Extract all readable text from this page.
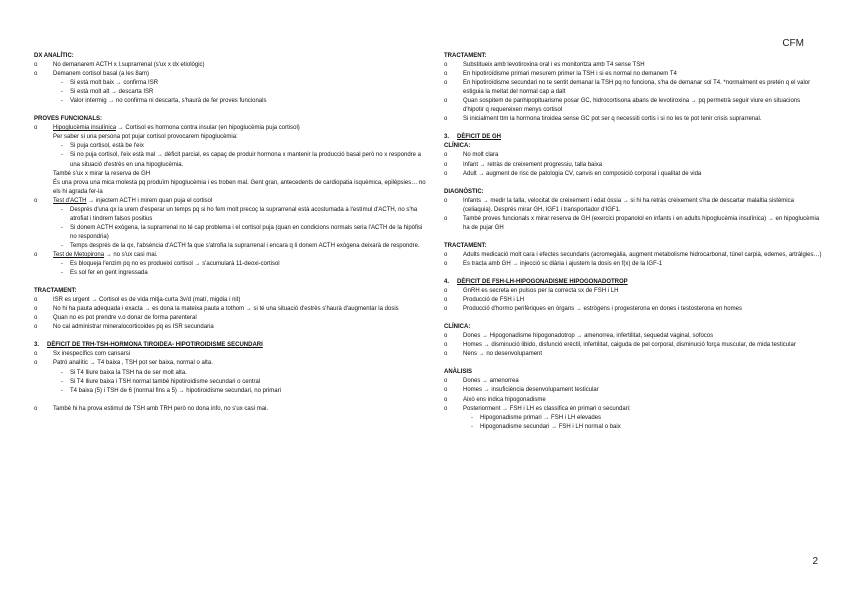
CFM
DX ANALÍTIC:
o No demanarem ACTH x I.suprarrenal (s'ux x dx etiològic)
o Demanem cortisol basal (a les 8am)
- Si està molt baix → confirma ISR
- Si està molt alt → descarta ISR
- Valor intermig → no confirma ni descarta, s'haurà de fer proves funcionals
PROVES FUNCIONALS:
o Hipoglucèmia insulínica → Cortisol es hormona contra insular (en hipoglucèmia puja cortisol)
Per saber si una persona pot pujar cortisol provocarem hipoglucèmia:
- Si puja cortisol, està be l'eix
- Si no puja cortisol, l'eix està mal → dèficit parcial, es capaç de produir hormona x mantenir la producció basal però no x respondre a una situació d'estrès en una hipoglucèmia.
També s'ux x mirar la reserva de GH
És una prova una mica molesta pq produïm hipoglucèmia i es troben mal. Gent gran, antecedents de cardiopatia isquèmica, epilèpsies… no els hi agrada fer-la
o Test d'ACTH → injectem ACTH i mirem quan puja el cortisol
- Després d'una qx la urem d'esperar un temps pq si ho fem molt precoç la suprarrenal està acostumada a l'estímul d'ACTH, no s'ha atrofiat i tindrem falsos positius
- Si donem ACTH exògena, la suprarrenal no té cap problema i el cortisol puja (quan en condicions normals seria l'ACTH de la hipòfisi no respondria)
- Temps després de la qx, l'absència d'ACTH fa que s'atrofia la suprarrenal i encara q li donem ACTH exògena deixarà de respondre.
o Test de Metopirona → no s'ux casi mai.
- Es bloqueja l'enzim pq no es produeixi cortisol → s'acumularà 11-deoxi-cortisol
- Es sol fer en gent ingressada
TRACTAMENT:
o ISR es urgent → Cortisol es de vida mitja-curta 3v/d (matí, migdia i nit)
o No hi ha pauta adequada i exacta → es dona la mateixa pauta a tothom → si té una situació d'estrès s'haurà d'augmentar la dosis
o Quan no es pot prendre v.o donar de forma parenteral
o No cal administrar mineralocorticoides pq es ISR secundaria
3. DÈFICIT DE TRH-TSH-HORMONA TIROIDEA- HIPOTIROIDISME SECUNDARI
o Sx inespecífics com cansarsi
o Patró analític → T4 baixa , TSH pot ser baixa, normal o alta.
- Si T4 lliure baixa la TSH ha de ser molt alta.
- Si T4 lliure baixa i TSH normal també hipotiroidisme secundari o central
- T4 baixa (5) i TSH de 6 (normal fins a 5) → hipotiroidisme secundari, no primari
o També hi ha prova estimul de TSH amb TRH però no dona info, no s'ux casi mai.
TRACTAMENT:
o Substitueix amb levotiroxina oral i es monitoritza amb T4 sense TSH
o En hipotiroïdisme primari mesurem primer la TSH i si es normal no demanem T4
o En hipotiroïdisme secundari no te sentit demanar la TSH pq no funciona, s'ha de demanar sol T4. *normalment es pretén q el valor estiguia la meitat del normal cap a dalt
o Quan sospitem de panhipopituarisme posar GC, hidrocortisona abans de levotiroxina → pq permetrà seguir viure en situacions d'hipotir q requereixen menys cortisol
o Si inicialment ttm la hormona tiroidea sense GC pot ser q necessiti cortis i si no les te pot tenir crisis suprarrenal.
3. DÈFICIT DE GH
CLÍNICA:
o No molt clara
o Infant → retràs de creixement progressiu, talla baixa
o Adult → augment de risc de patologia CV, canvis en composició corporal i qualitat de vida
DIAGNÒSTIC:
o Infants → medir la talla, velocitat de creixement i edat òssia → si hi ha retràs creixement s'ha de descartar malaltia sistèmica (celiaquia). Després mirar GH, IGF1 i transportador d'IGF1.
o També proves funcionals x mirar reserva de GH (exercici propanolol en infants i en adults hipoglucèmia insulínica) → en hipoglucèmia ha de pujar GH
TRACTAMENT:
o Adults medicació molt cara i efectes secundaris (acromegàlia, augment metabolisme hidrocarbonat, túnel carpià, edemes, artràlgies…)
o Es tracta amb GH → injecció sc diària i ajustem la dosis en f(x) de la IGF-1
4. DÈFICIT DE FSH-LH-HIPOGONADISME HIPOGONADOTROP
o GnRH es secreta en pulsos per la correcta sx de FSH i LH
o Producció de FSH i LH
o Producció d'hormo perifèriques en òrgans → estrògens i progesterona en dones i testosterona en homes
CLÍNICA:
o Dones → Hipogonadisme hipogonadotrop → amenorrea, infertilitat, sequedat vaginal, sofocos
o Homes → disminució libido, disfunció erèctil, infertilitat, caiguda de pel corporal, disminució força muscular, de mida testicular
o Nens → no desenvolupament
ANÀLISIS
o Dones → amenorrea
o Homes → insuficiència desenvolupament testicular
o Això ens indica hipogonadisme
o Posteriorment → FSH i LH es classifica en primari o secundari:
- Hipogonadisme primari → FSH i LH elevades
- Hipogonadisme secundari → FSH i LH normal o baix
2
